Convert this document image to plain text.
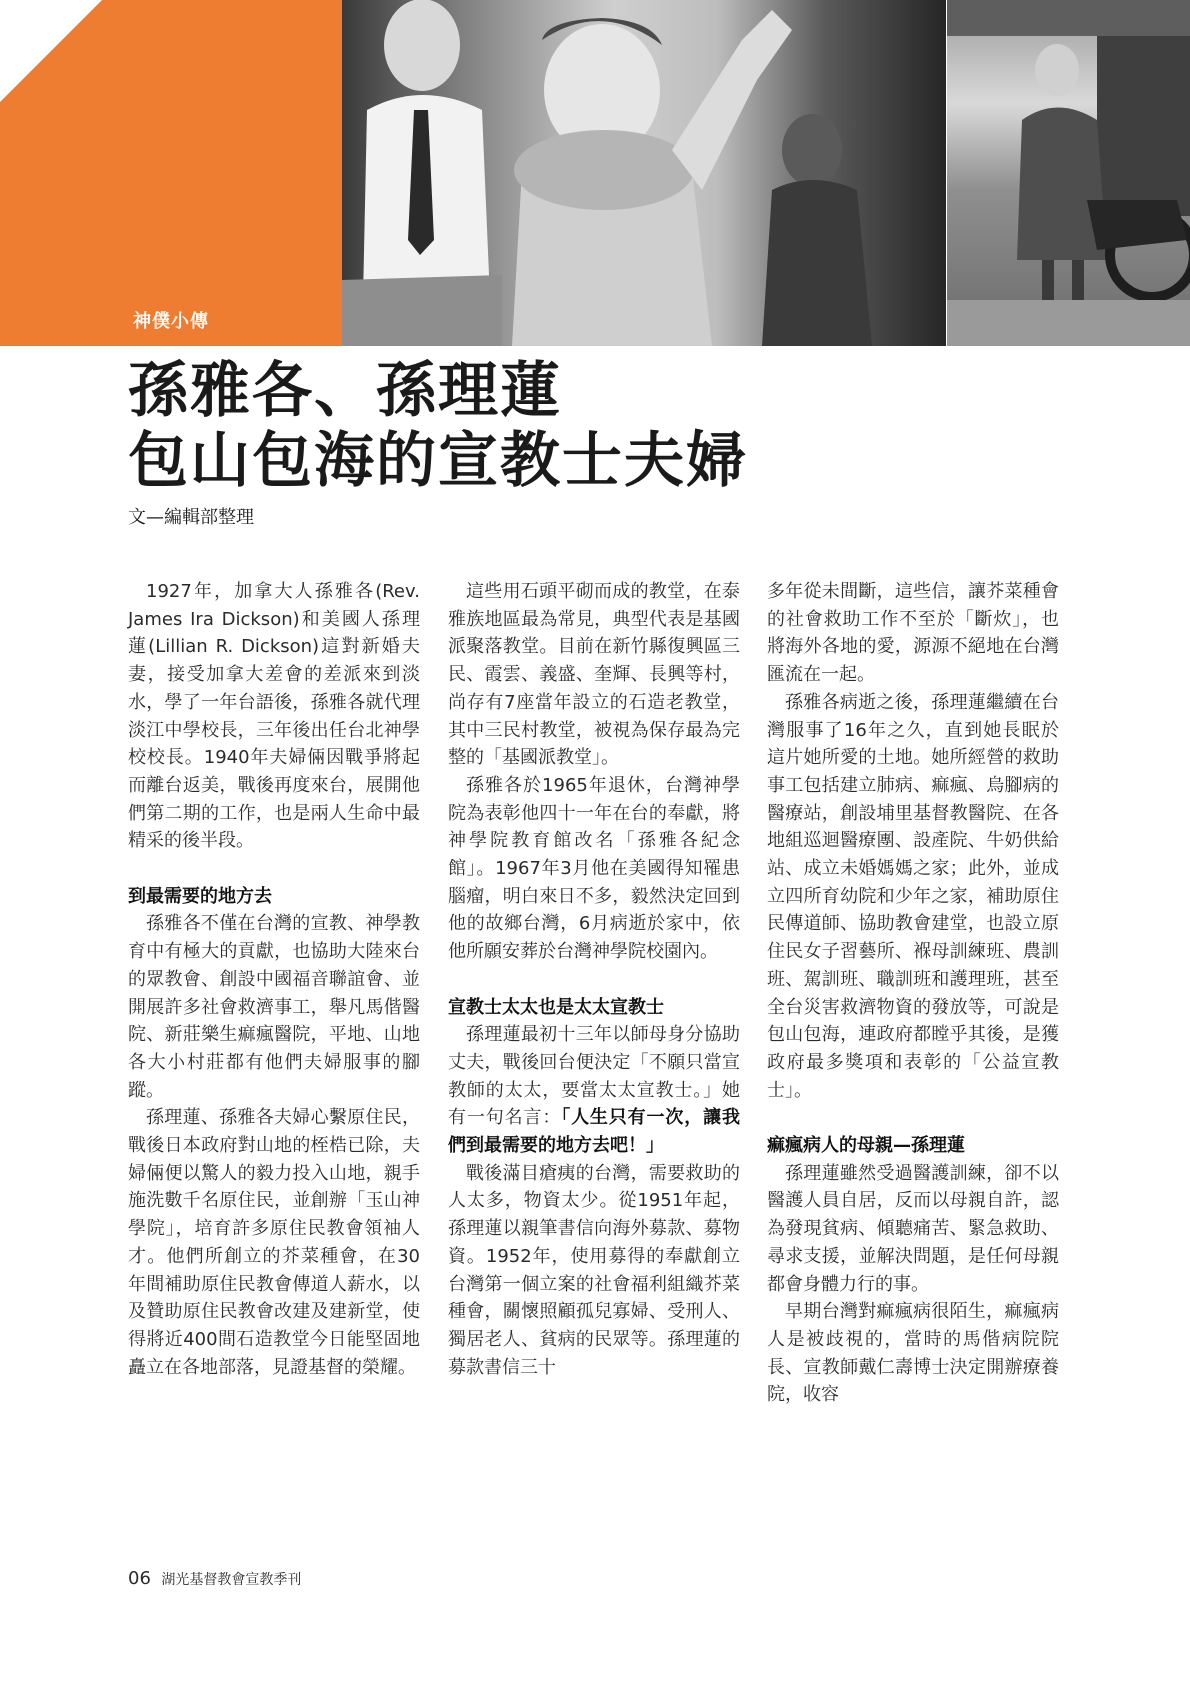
神僕小傳
孫雅各、孫理蓮
包山包海的宣教士夫婦
文—編輯部整理

1927年，加拿大人孫雅各(Rev. James Ira Dickson)和美國人孫理蓮(Lillian R. Dickson)這對新婚夫妻，接受加拿大差會的差派來到淡水，學了一年台語後，孫雅各就代理淡江中學校長，三年後出任台北神學校校長。1940年夫婦倆因戰爭將起而離台返美，戰後再度來台，展開他們第二期的工作，也是兩人生命中最精采的後半段。

到最需要的地方去

孫雅各不僅在台灣的宣教、神學教育中有極大的貢獻，也協助大陸來台的眾教會、創設中國福音聯誼會、並開展許多社會救濟事工，舉凡馬偕醫院、新莊樂生痲瘋醫院，平地、山地各大小村莊都有他們夫婦服事的腳蹤。

孫理蓮、孫雅各夫婦心繫原住民，戰後日本政府對山地的桎梏已除，夫婦倆便以驚人的毅力投入山地，親手施洗數千名原住民，並創辦「玉山神學院」，培育許多原住民教會領袖人才。他們所創立的芥菜種會，在30年間補助原住民教會傳道人薪水，以及贊助原住民教會改建及建新堂，使得將近400間石造教堂今日能堅固地矗立在各地部落，見證基督的榮耀。

這些用石頭平砌而成的教堂，在泰雅族地區最為常見，典型代表是基國派聚落教堂。目前在新竹縣復興區三民、霞雲、義盛、奎輝、長興等村，尚存有7座當年設立的石造老教堂，其中三民村教堂，被視為保存最為完整的「基國派教堂」。

孫雅各於1965年退休，台灣神學院為表彰他四十一年在台的奉獻，將神學院教育館改名「孫雅各紀念館」。1967年3月他在美國得知罹患腦瘤，明白來日不多，毅然決定回到他的故鄉台灣，6月病逝於家中，依他所願安葬於台灣神學院校園內。

宣教士太太也是太太宣教士

孫理蓮最初十三年以師母身分協助丈夫，戰後回台便決定「不願只當宣教師的太太，要當太太宣教士。」她有一句名言：「人生只有一次，讓我們到最需要的地方去吧！」

戰後滿目瘡痍的台灣，需要救助的人太多，物資太少。從1951年起，孫理蓮以親筆書信向海外募款、募物資。1952年，使用募得的奉獻創立台灣第一個立案的社會福利組織芥菜種會，關懷照顧孤兒寡婦、受刑人、獨居老人、貧病的民眾等。孫理蓮的募款書信三十

多年從未間斷，這些信，讓芥菜種會的社會救助工作不至於「斷炊」，也將海外各地的愛，源源不絕地在台灣匯流在一起。

孫雅各病逝之後，孫理蓮繼續在台灣服事了16年之久，直到她長眠於這片她所愛的土地。她所經營的救助事工包括建立肺病、痲瘋、烏腳病的醫療站，創設埔里基督教醫院、在各地組巡迴醫療團、設產院、牛奶供給站、成立未婚媽媽之家；此外，並成立四所育幼院和少年之家，補助原住民傳道師、協助教會建堂，也設立原住民女子習藝所、褓母訓練班、農訓班、駕訓班、職訓班和護理班，甚至全台災害救濟物資的發放等，可說是包山包海，連政府都瞠乎其後，是獲政府最多獎項和表彰的「公益宣教士」。

痲瘋病人的母親—孫理蓮

孫理蓮雖然受過醫護訓練，卻不以醫護人員自居，反而以母親自許，認為發現貧病、傾聽痛苦、緊急救助、尋求支援，並解決問題，是任何母親都會身體力行的事。

早期台灣對痲瘋病很陌生，痲瘋病人是被歧視的，當時的馬偕病院院長、宣教師戴仁壽博士決定開辦療養院，收容

06 湖光基督教會宣教季刊
